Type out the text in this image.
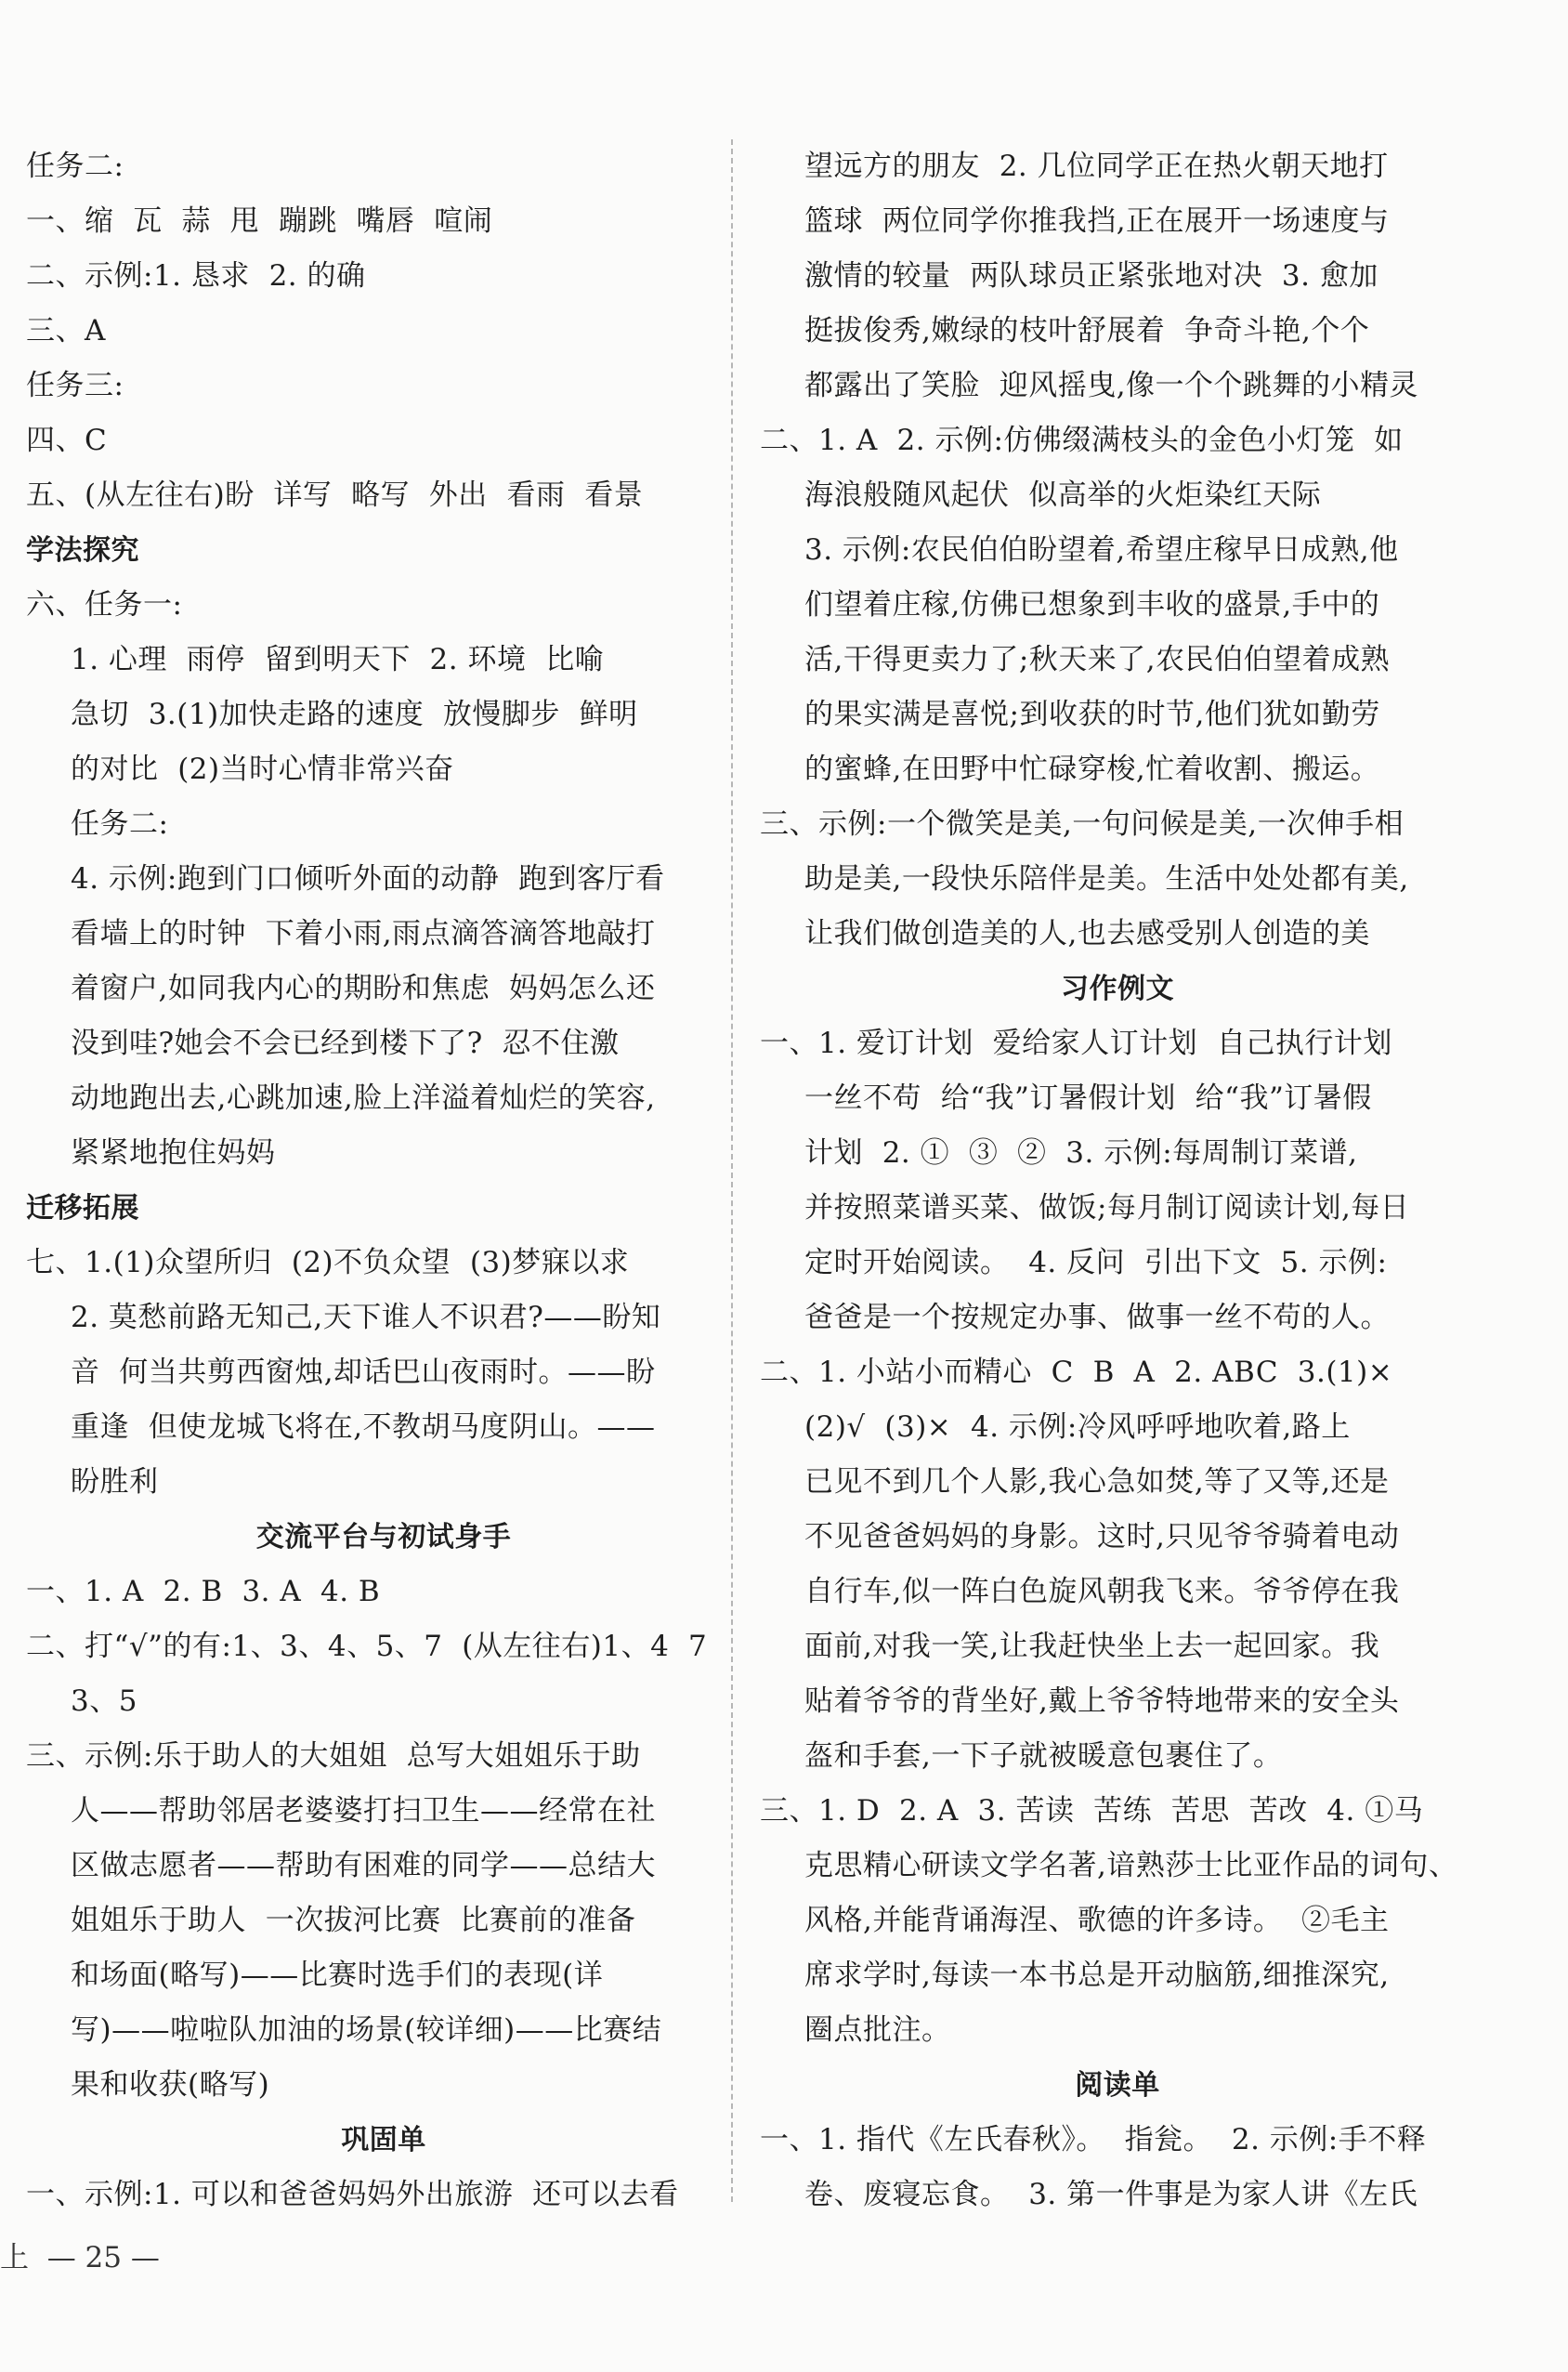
任务二:
一、缩  瓦  蒜  甩  蹦跳  嘴唇  喧闹
二、示例:1. 恳求  2. 的确
三、A
任务三:
四、C
五、(从左往右)盼  详写  略写  外出  看雨  看景
学法探究
六、任务一:
1. 心理  雨停  留到明天下  2. 环境  比喻
急切  3.(1)加快走路的速度  放慢脚步  鲜明
的对比  (2)当时心情非常兴奋
任务二:
4. 示例:跑到门口倾听外面的动静  跑到客厅看
看墙上的时钟  下着小雨,雨点滴答滴答地敲打
着窗户,如同我内心的期盼和焦虑  妈妈怎么还
没到哇?她会不会已经到楼下了?  忍不住激
动地跑出去,心跳加速,脸上洋溢着灿烂的笑容,
紧紧地抱住妈妈
迁移拓展
七、1.(1)众望所归  (2)不负众望  (3)梦寐以求
2. 莫愁前路无知己,天下谁人不识君?——盼知
音  何当共剪西窗烛,却话巴山夜雨时。——盼
重逢  但使龙城飞将在,不教胡马度阴山。——
盼胜利
交流平台与初试身手
一、1. A  2. B  3. A  4. B
二、打“√”的有:1、3、4、5、7  (从左往右)1、4  7
3、5
三、示例:乐于助人的大姐姐  总写大姐姐乐于助
人——帮助邻居老婆婆打扫卫生——经常在社
区做志愿者——帮助有困难的同学——总结大
姐姐乐于助人  一次拔河比赛  比赛前的准备
和场面(略写)——比赛时选手们的表现(详
写)——啦啦队加油的场景(较详细)——比赛结
果和收获(略写)
巩固单
一、示例:1. 可以和爸爸妈妈外出旅游  还可以去看
望远方的朋友  2. 几位同学正在热火朝天地打
篮球  两位同学你推我挡,正在展开一场速度与
激情的较量  两队球员正紧张地对决  3. 愈加
挺拔俊秀,嫩绿的枝叶舒展着  争奇斗艳,个个
都露出了笑脸  迎风摇曳,像一个个跳舞的小精灵
二、1. A  2. 示例:仿佛缀满枝头的金色小灯笼  如
海浪般随风起伏  似高举的火炬染红天际
3. 示例:农民伯伯盼望着,希望庄稼早日成熟,他
们望着庄稼,仿佛已想象到丰收的盛景,手中的
活,干得更卖力了;秋天来了,农民伯伯望着成熟
的果实满是喜悦;到收获的时节,他们犹如勤劳
的蜜蜂,在田野中忙碌穿梭,忙着收割、搬运。
三、示例:一个微笑是美,一句问候是美,一次伸手相
助是美,一段快乐陪伴是美。生活中处处都有美,
让我们做创造美的人,也去感受别人创造的美
习作例文
一、1. 爱订计划  爱给家人订计划  自己执行计划
一丝不苟  给“我”订暑假计划  给“我”订暑假
计划  2. ①  ③  ②  3. 示例:每周制订菜谱,
并按照菜谱买菜、做饭;每月制订阅读计划,每日
定时开始阅读。  4. 反问  引出下文  5. 示例:
爸爸是一个按规定办事、做事一丝不苟的人。
二、1. 小站小而精心  C  B  A  2. ABC  3.(1)×
(2)√  (3)×  4. 示例:冷风呼呼地吹着,路上
已见不到几个人影,我心急如焚,等了又等,还是
不见爸爸妈妈的身影。这时,只见爷爷骑着电动
自行车,似一阵白色旋风朝我飞来。爷爷停在我
面前,对我一笑,让我赶快坐上去一起回家。我
贴着爷爷的背坐好,戴上爷爷特地带来的安全头
盔和手套,一下子就被暖意包裹住了。
三、1. D  2. A  3. 苦读  苦练  苦思  苦改  4. ①马
克思精心研读文学名著,谙熟莎士比亚作品的词句、
风格,并能背诵海涅、歌德的许多诗。  ②毛主
席求学时,每读一本书总是开动脑筋,细推深究,
圈点批注。
阅读单
一、1. 指代《左氏春秋》。  指瓮。  2. 示例:手不释
卷、废寝忘食。  3. 第一件事是为家人讲《左氏
上  — 25 —
